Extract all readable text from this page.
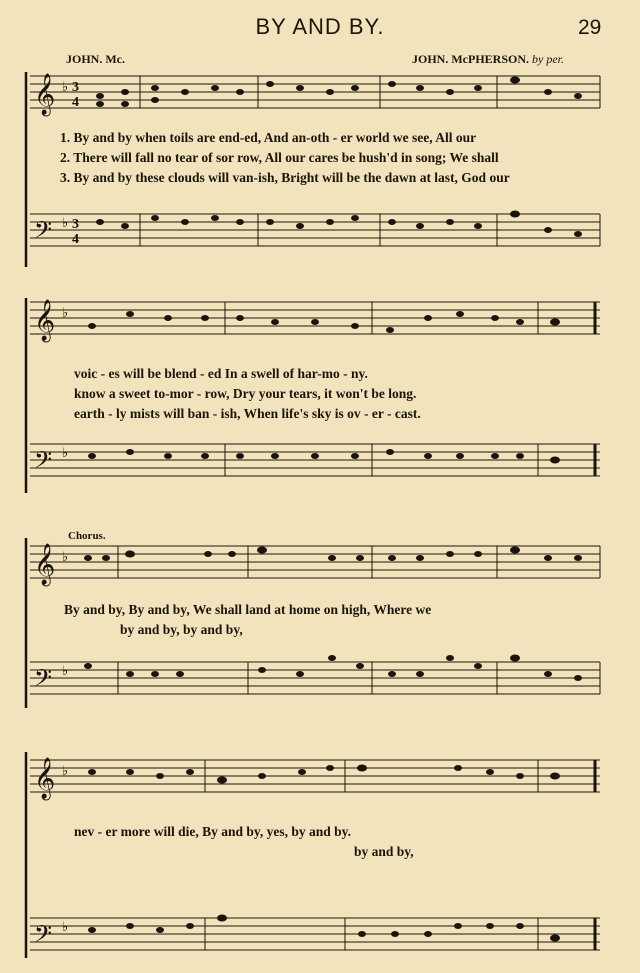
BY AND BY.	29
JOHN. Mc.	JOHN. McPHERSON. by per.
𝄞
𝄢
♭
♭
3
4
3
4
1. By and by when toils are end-ed, And an-oth - er world we see, All our
2. There will fall no tear of sor row, All our cares be hush'd in song; We shall
3. By and by these clouds will van-ish, Bright will be the dawn at last, God our
𝄞
𝄢
♭
♭
voic - es will be blend - ed In a swell of har-mo - ny.
know a sweet to-mor - row, Dry your tears, it won't be long.
earth - ly mists will ban - ish, When life's sky is ov - er - cast.
Chorus.
𝄞
𝄢
♭
♭
By and by, By and by, We shall land at home on high, Where we
by and by, by and by,
𝄞
𝄢
♭
♭
nev - er more will die, By and by, yes, by and by.
by and by,
